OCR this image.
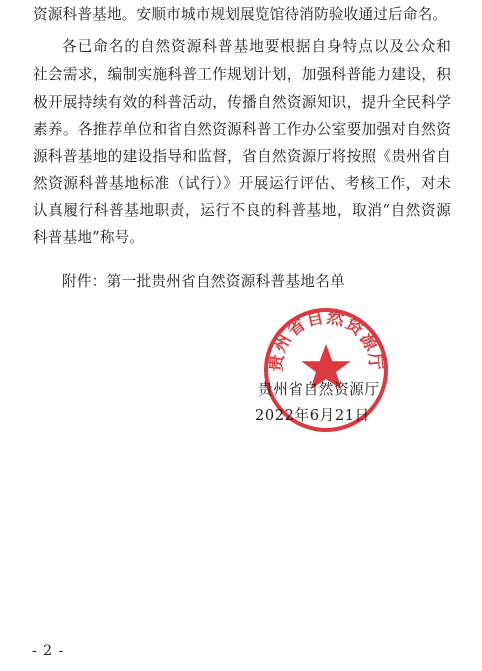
资源科普基地。安顺市城市规划展览馆待消防验收通过后命名。
各已命名的自然资源科普基地要根据自身特点以及公众和
社会需求，编制实施科普工作规划计划，加强科普能力建设，积
极开展持续有效的科普活动，传播自然资源知识，提升全民科学
素养。各推荐单位和省自然资源科普工作办公室要加强对自然资
源科普基地的建设指导和监督，省自然资源厅将按照《贵州省自
然资源科普基地标准（试行）》开展运行评估、考核工作，对未
认真履行科普基地职责，运行不良的科普基地，取消“自然资源
科普基地”称号。
附件：第一批贵州省自然资源科普基地名单
贵州省自然资源厅
2022年6月21日
贵州省自然资源厅
- 2 -
